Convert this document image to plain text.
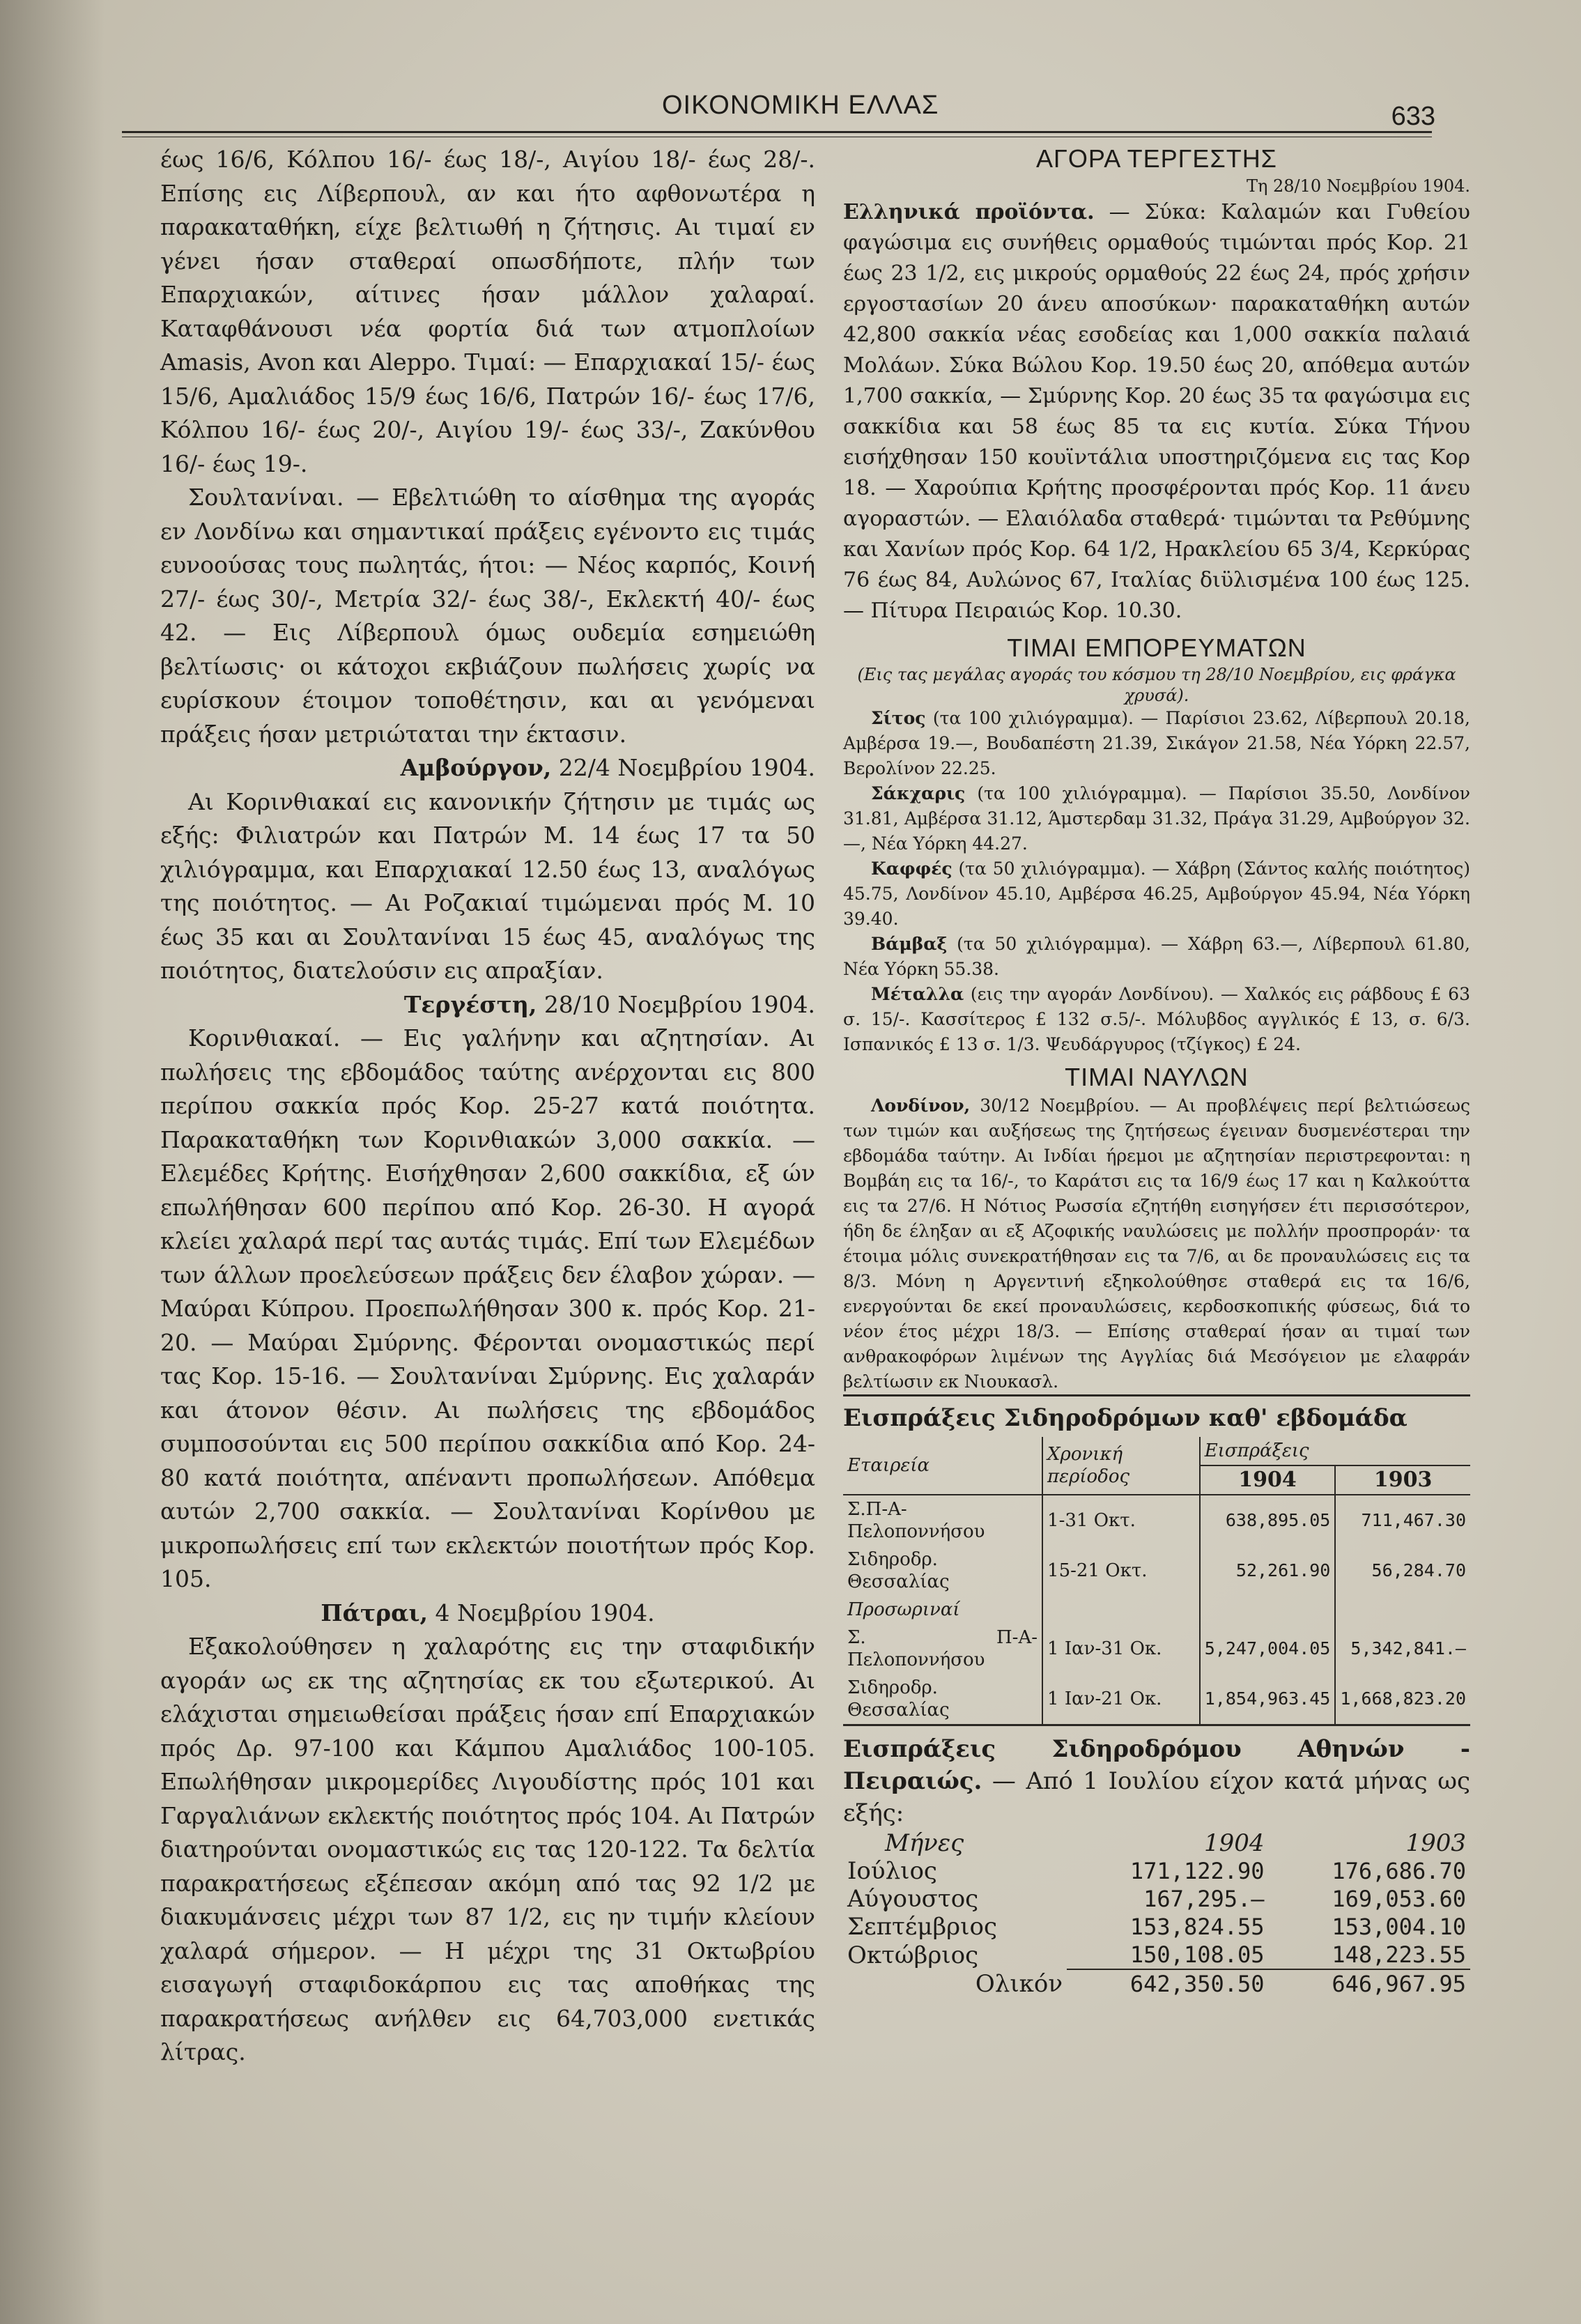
ΟΙΚΟΝΟΜΙΚΗ ΕΛΛΑΣ	633

έως 16/6, Κόλπου 16/- έως 18/-, Αιγίου 18/- έως 28/-. Επίσης εις Λίβερπουλ, αν και ήτο αφθονωτέρα η παρακαταθήκη, είχε βελτιωθή η ζήτησις. Αι τιμαί εν γένει ήσαν σταθεραί οπωσδήποτε, πλήν των Επαρχιακών, αίτινες ήσαν μάλλον χαλαραί. Καταφθάνουσι νέα φορτία διά των ατμοπλοίων Amasis, Avon και Aleppo. Τιμαί: — Επαρχιακαί 15/- έως 15/6, Αμαλιάδος 15/9 έως 16/6, Πατρών 16/- έως 17/6, Κόλπου 16/- έως 20/-, Αιγίου 19/- έως 33/-, Ζακύνθου 16/- έως 19-.

Σουλτανίναι. — Εβελτιώθη το αίσθημα της αγοράς εν Λονδίνω και σημαντικαί πράξεις εγένοντο εις τιμάς ευνοούσας τους πωλητάς, ήτοι: — Νέος καρπός, Κοινή 27/- έως 30/-, Μετρία 32/- έως 38/-, Εκλεκτή 40/- έως 42. — Εις Λίβερπουλ όμως ουδεμία εσημειώθη βελτίωσις· οι κάτοχοι εκβιάζουν πωλήσεις χωρίς να ευρίσκουν έτοιμον τοποθέτησιν, και αι γενόμεναι πράξεις ήσαν μετριώταται την έκτασιν.

Αμβούργον, 22/4 Νοεμβρίου 1904.

Αι Κορινθιακαί εις κανονικήν ζήτησιν με τιμάς ως εξής: Φιλιατρών και Πατρών Μ. 14 έως 17 τα 50 χιλιόγραμμα, και Επαρχιακαί 12.50 έως 13, αναλόγως της ποιότητος. — Αι Ροζακιαί τιμώμεναι πρός Μ. 10 έως 35 και αι Σουλτανίναι 15 έως 45, αναλόγως της ποιότητος, διατελούσιν εις απραξίαν.

Τεργέστη, 28/10 Νοεμβρίου 1904.

Κορινθιακαί. — Εις γαλήνην και αζητησίαν. Αι πωλήσεις της εβδομάδος ταύτης ανέρχονται εις 800 περίπου σακκία πρός Κορ. 25-27 κατά ποιότητα. Παρακαταθήκη των Κορινθιακών 3,000 σακκία. — Ελεμέδες Κρήτης. Εισήχθησαν 2,600 σακκίδια, εξ ών επωλήθησαν 600 περίπου από Κορ. 26-30. Η αγορά κλείει χαλαρά περί τας αυτάς τιμάς. Επί των Ελεμέδων των άλλων προελεύσεων πράξεις δεν έλαβον χώραν. — Μαύραι Κύπρου. Προεπωλήθησαν 300 κ. πρός Κορ. 21-20. — Μαύραι Σμύρνης. Φέρονται ονομαστικώς περί τας Κορ. 15-16. — Σουλτανίναι Σμύρνης. Εις χαλαράν και άτονον θέσιν. Αι πωλήσεις της εβδομάδος συμποσούνται εις 500 περίπου σακκίδια από Κορ. 24-80 κατά ποιότητα, απέναντι προπωλήσεων. Απόθεμα αυτών 2,700 σακκία. — Σουλτανίναι Κορίνθου με μικροπωλήσεις επί των εκλεκτών ποιοτήτων πρός Κορ. 105.

Πάτραι, 4 Νοεμβρίου 1904.

Εξακολούθησεν η χαλαρότης εις την σταφιδικήν αγοράν ως εκ της αζητησίας εκ του εξωτερικού. Αι ελάχισται σημειωθείσαι πράξεις ήσαν επί Επαρχιακών πρός Δρ. 97-100 και Κάμπου Αμαλιάδος 100-105. Επωλήθησαν μικρομερίδες Λιγουδίστης πρός 101 και Γαργαλιάνων εκλεκτής ποιότητος πρός 104. Αι Πατρών διατηρούνται ονομαστικώς εις τας 120-122. Τα δελτία παρακρατήσεως εξέπεσαν ακόμη από τας 92 1/2 με διακυμάνσεις μέχρι των 87 1/2, εις ην τιμήν κλείουν χαλαρά σήμερον. — Η μέχρι της 31 Οκτωβρίου εισαγωγή σταφιδοκάρπου εις τας αποθήκας της παρακρατήσεως ανήλθεν εις 64,703,000 ενετικάς λίτρας.

ΑΓΟΡΑ ΤΕΡΓΕΣΤΗΣ

Τη 28/10 Νοεμβρίου 1904.

Ελληνικά προϊόντα. — Σύκα: Καλαμών και Γυθείου φαγώσιμα εις συνήθεις ορμαθούς τιμώνται πρός Κορ. 21 έως 23 1/2, εις μικρούς ορμαθούς 22 έως 24, πρός χρήσιν εργοστασίων 20 άνευ αποσύκων· παρακαταθήκη αυτών 42,800 σακκία νέας εσοδείας και 1,000 σακκία παλαιά Μολάων. Σύκα Βώλου Κορ. 19.50 έως 20, απόθεμα αυτών 1,700 σακκία, — Σμύρνης Κορ. 20 έως 35 τα φαγώσιμα εις σακκίδια και 58 έως 85 τα εις κυτία. Σύκα Τήνου εισήχθησαν 150 κουϊντάλια υποστηριζόμενα εις τας Κορ 18. — Χαρούπια Κρήτης προσφέρονται πρός Κορ. 11 άνευ αγοραστών. — Ελαιόλαδα σταθερά· τιμώνται τα Ρεθύμνης και Χανίων πρός Κορ. 64 1/2, Ηρακλείου 65 3/4, Κερκύρας 76 έως 84, Αυλώνος 67, Ιταλίας διϋλισμένα 100 έως 125. — Πίτυρα Πειραιώς Κορ. 10.30.

ΤΙΜΑΙ ΕΜΠΟΡΕΥΜΑΤΩΝ

(Εις τας μεγάλας αγοράς του κόσμου τη 28/10 Νοεμβρίου, εις φράγκα χρυσά).

Σίτος (τα 100 χιλιόγραμμα). — Παρίσιοι 23.62, Λίβερπουλ 20.18, Αμβέρσα 19.—, Βουδαπέστη 21.39, Σικάγον 21.58, Νέα Υόρκη 22.57, Βερολίνον 22.25.

Σάκχαρις (τα 100 χιλιόγραμμα). — Παρίσιοι 35.50, Λονδίνον 31.81, Αμβέρσα 31.12, Άμστερδαμ 31.32, Πράγα 31.29, Αμβούργον 32.—, Νέα Υόρκη 44.27.

Καφφές (τα 50 χιλιόγραμμα). — Χάβρη (Σάντος καλής ποιότητος) 45.75, Λονδίνον 45.10, Αμβέρσα 46.25, Αμβούργον 45.94, Νέα Υόρκη 39.40.

Βάμβαξ (τα 50 χιλιόγραμμα). — Χάβρη 63.—, Λίβερπουλ 61.80, Νέα Υόρκη 55.38.

Μέταλλα (εις την αγοράν Λονδίνου). — Χαλκός εις ράβδους £ 63 σ. 15/-. Κασσίτερος £ 132 σ.5/-. Μόλυβδος αγγλικός £ 13, σ. 6/3. Ισπανικός £ 13 σ. 1/3. Ψευδάργυρος (τζίγκος) £ 24.

ΤΙΜΑΙ ΝΑΥΛΩΝ

Λονδίνον, 30/12 Νοεμβρίου. — Αι προβλέψεις περί βελτιώσεως των τιμών και αυξήσεως της ζητήσεως έγειναν δυσμενέστεραι την εβδομάδα ταύτην. Αι Ινδίαι ήρεμοι με αζητησίαν περιστρεφονται: η Βομβάη εις τα 16/-, το Καράτσι εις τα 16/9 έως 17 και η Καλκούττα εις τα 27/6. Η Νότιος Ρωσσία εζητήθη εισηγήσεν έτι περισσότερον, ήδη δε έληξαν αι εξ Αζοφικής ναυλώσεις με πολλήν προσπροράν· τα έτοιμα μόλις συνεκρατήθησαν εις τα 7/6, αι δε προναυλώσεις εις τα 8/3. Μόνη η Αργεντινή εξηκολούθησε σταθερά εις τα 16/6, ενεργούνται δε εκεί προναυλώσεις, κερδοσκοπικής φύσεως, διά το νέον έτος μέχρι 18/3. — Επίσης σταθεραί ήσαν αι τιμαί των ανθρακοφόρων λιμένων της Αγγλίας διά Μεσόγειον με ελαφράν βελτίωσιν εκ Νιουκασλ.

Εισπράξεις Σιδηροδρόμων καθ' εβδομάδα

Εταιρεία	Χρονική περίοδος	Εισπράξεις	
		1904	1903
Σ.Π-Α-Πελοποννήσου	1-31 Οκτ.	638,895.05	711,467.30
Σιδηροδρ. Θεσσαλίας	15-21 Οκτ.	52,261.90	56,284.70
Προσωριναί			
Σ. Π-Α-Πελοποννήσου	1 Ιαν-31 Οκ.	5,247,004.05	5,342,841.—
Σιδηροδρ. Θεσσαλίας	1 Ιαν-21 Οκ.	1,854,963.45	1,668,823.20

Εισπράξεις Σιδηροδρόμου Αθηνών - Πειραιώς. — Από 1 Ιουλίου είχον κατά μήνας ως εξής:

Μήνες	1904	1903
Ιούλιος	171,122.90	176,686.70
Αύγουστος	167,295.—	169,053.60
Σεπτέμβριος	153,824.55	153,004.10
Οκτώβριος	150,108.05	148,223.55
Ολικόν	642,350.50	646,967.95
